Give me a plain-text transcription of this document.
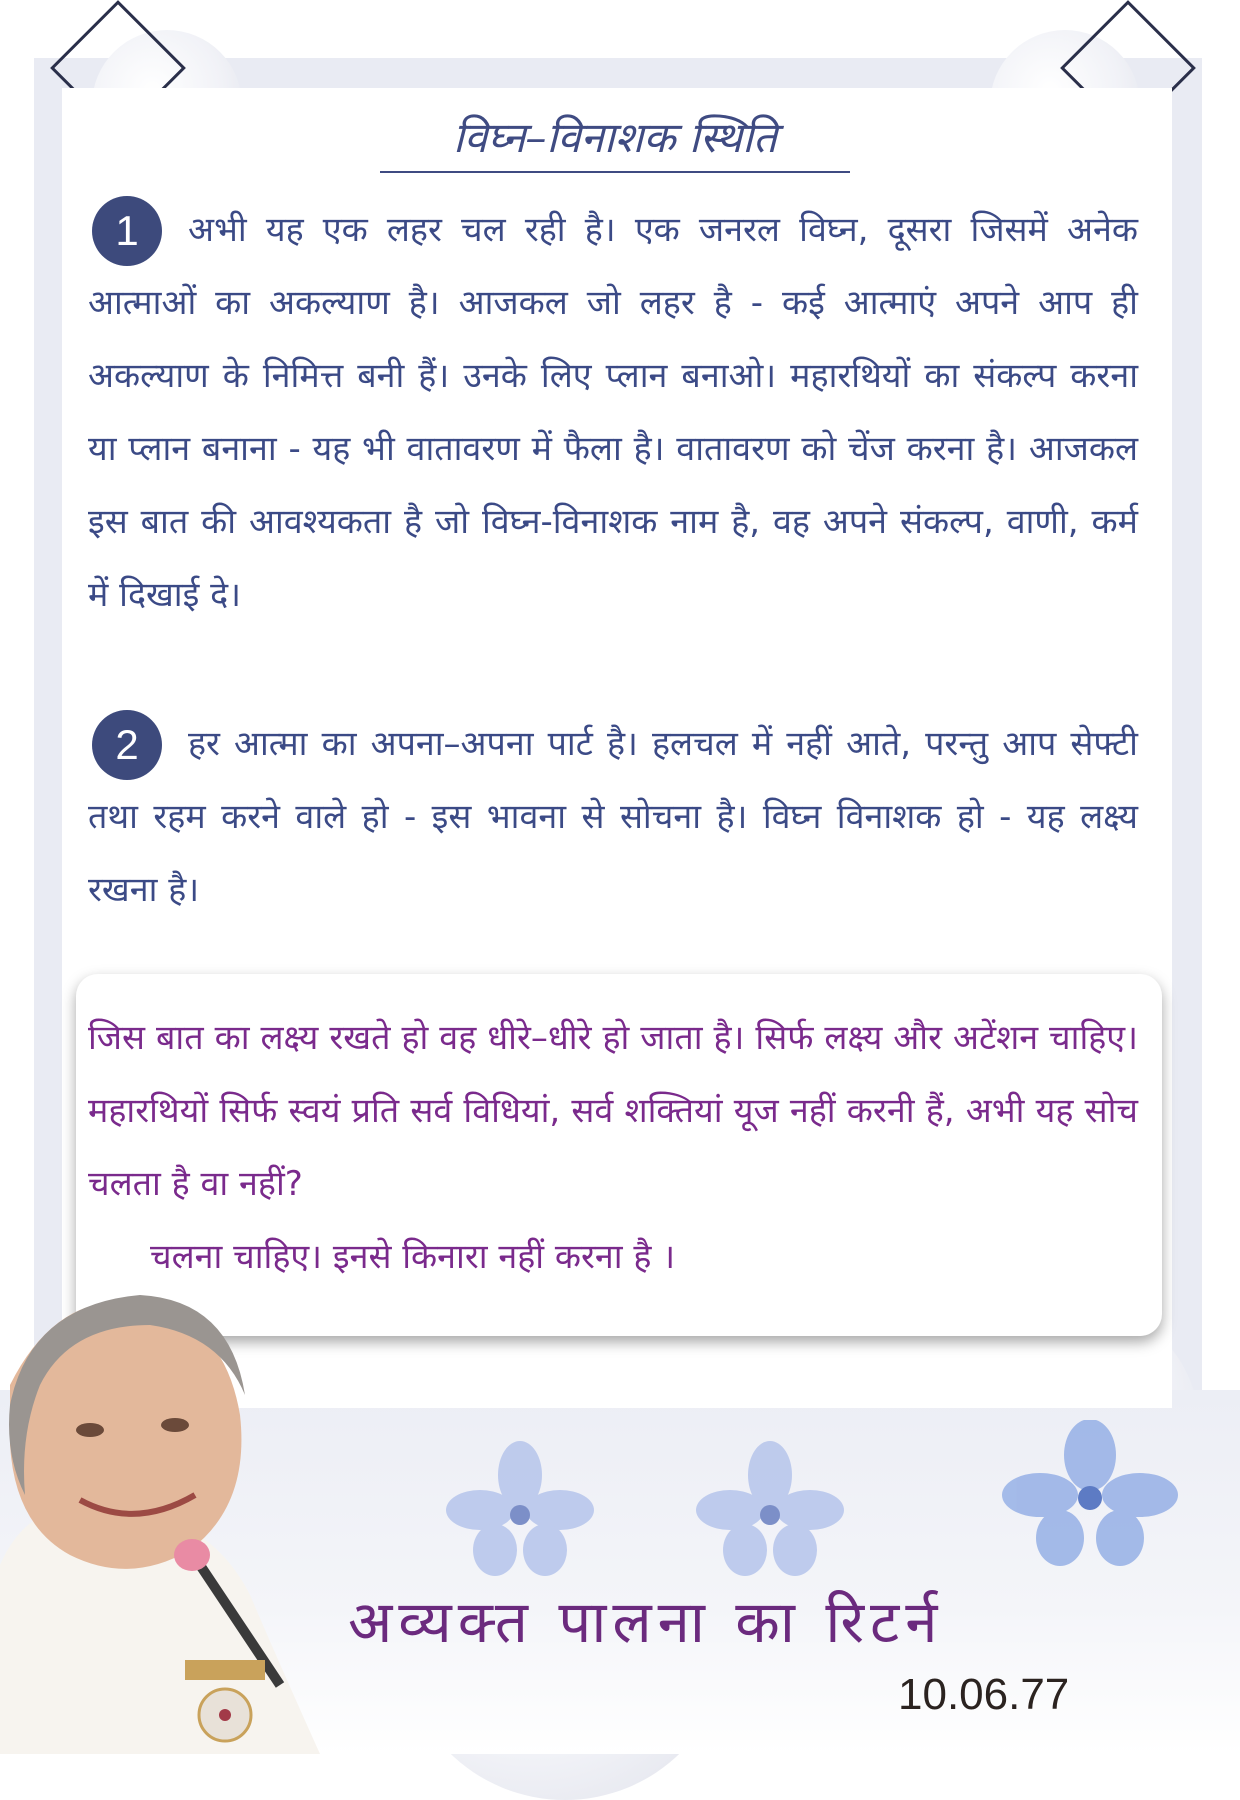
विघ्न–विनाशक स्थिति
1	अभी यह एक लहर चल रही है। एक जनरल विघ्न, दूसरा जिसमें अनेक आत्माओं का अकल्याण है। आजकल जो लहर है - कई आत्माएं अपने आप ही अकल्याण के निमित्त बनी हैं। उनके लिए प्लान बनाओ। महारथियों का संकल्प करना या प्लान बनाना - यह भी वातावरण में फैला है। वातावरण को चेंज करना है। आजकल इस बात की आवश्यकता है जो विघ्न-विनाशक नाम है, वह अपने संकल्प, वाणी, कर्म में दिखाई दे।
2	हर आत्मा का अपना–अपना पार्ट है। हलचल में नहीं आते, परन्तु आप सेफ्टी तथा रहम करने वाले हो - इस भावना से सोचना है। विघ्न विनाशक हो - यह लक्ष्य रखना है।
जिस बात का लक्ष्य रखते हो वह धीरे–धीरे हो जाता है। सिर्फ लक्ष्य और अटेंशन चाहिए। महारथियों सिर्फ स्वयं प्रति सर्व विधियां, सर्व शक्तियां यूज नहीं करनी हैं, अभी यह सोच चलता है वा नहीं?
चलना चाहिए। इनसे किनारा नहीं करना है ।
अव्यक्त पालना का रिटर्न
10.06.77
